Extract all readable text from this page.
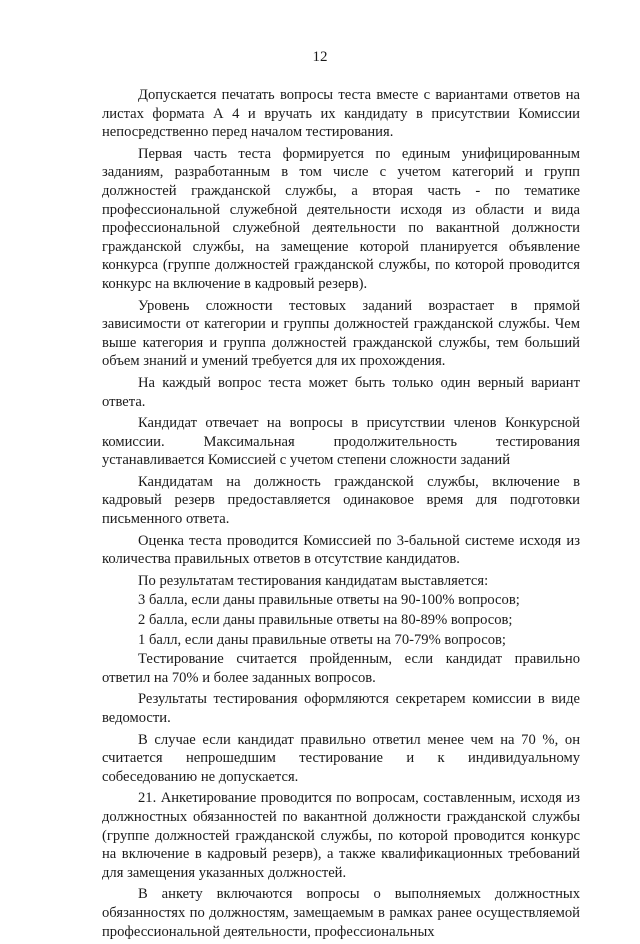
12

Допускается печатать вопросы теста вместе с вариантами ответов на листах формата А 4 и вручать их кандидату в присутствии Комиссии непосредственно перед началом тестирования.

Первая часть теста формируется по единым унифицированным заданиям, разработанным в том числе с учетом категорий и групп должностей гражданской службы, а вторая часть - по тематике профессиональной служебной деятельности исходя из области и вида профессиональной служебной деятельности по вакантной должности гражданской службы, на замещение которой планируется объявление конкурса (группе должностей гражданской службы, по которой проводится конкурс на включение в кадровый резерв).

Уровень сложности тестовых заданий возрастает в прямой зависимости от категории и группы должностей гражданской службы. Чем выше категория и группа должностей гражданской службы, тем больший объем знаний и умений требуется для их прохождения.

На каждый вопрос теста может быть только один верный вариант ответа.

Кандидат отвечает на вопросы в присутствии членов Конкурсной комиссии. Максимальная продолжительность тестирования устанавливается Комиссией с учетом степени сложности заданий

Кандидатам на должность гражданской службы, включение в кадровый резерв предоставляется одинаковое время для подготовки письменного ответа.

Оценка теста проводится Комиссией по 3-бальной системе исходя из количества правильных ответов в отсутствие кандидатов.

По результатам тестирования кандидатам выставляется:

3 балла, если даны правильные ответы на 90-100% вопросов;

2 балла, если даны правильные ответы на 80-89% вопросов;

1 балл, если даны правильные ответы на 70-79% вопросов;

Тестирование считается пройденным, если кандидат правильно ответил на 70% и более заданных вопросов.

Результаты тестирования оформляются секретарем комиссии в виде ведомости.

В случае если кандидат правильно ответил менее чем на 70 %, он считается непрошедшим тестирование и к индивидуальному собеседованию не допускается.

21. Анкетирование проводится по вопросам, составленным, исходя из должностных обязанностей по вакантной должности гражданской службы (группе должностей гражданской службы, по которой проводится конкурс на включение в кадровый резерв), а также квалификационных требований для замещения указанных должностей.

В анкету включаются вопросы о выполняемых должностных обязанностях по должностям, замещаемым в рамках ранее осуществляемой профессиональной деятельности, профессиональных
